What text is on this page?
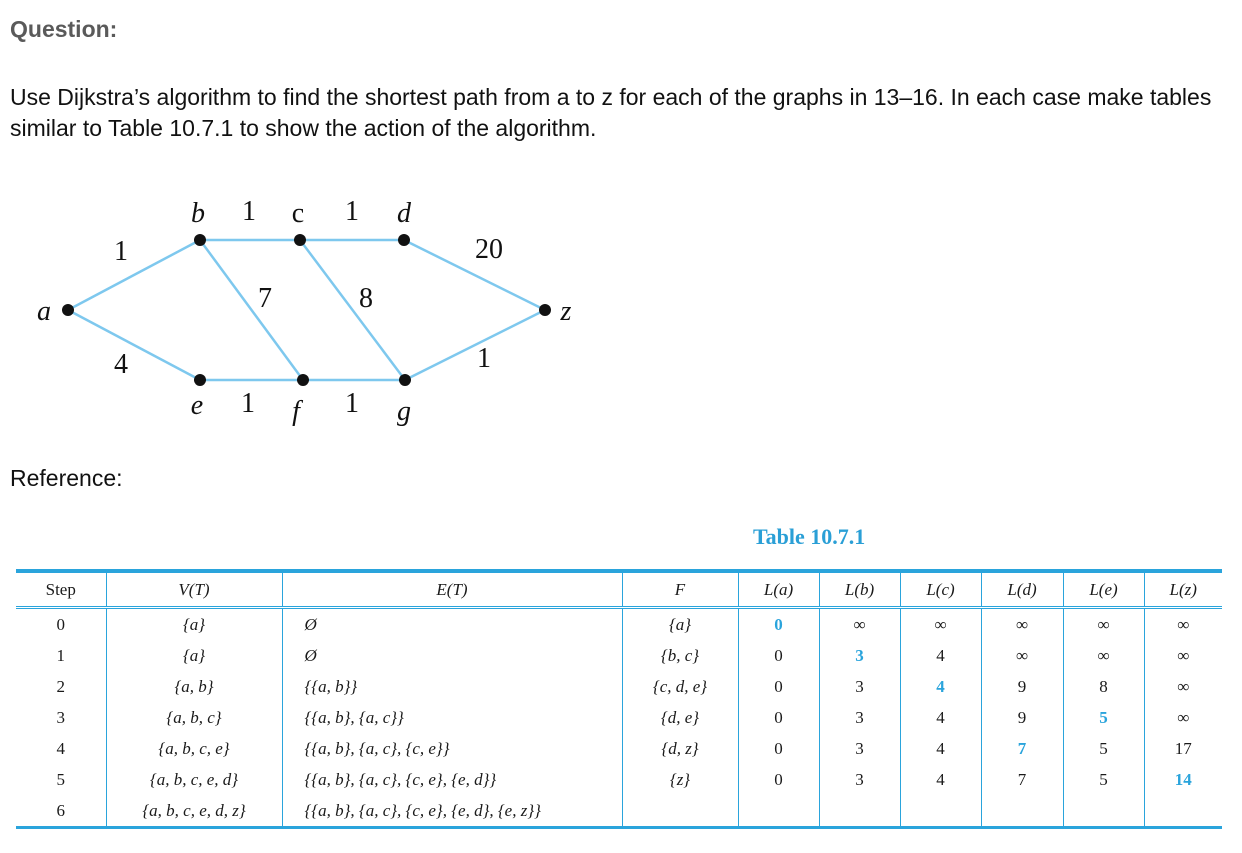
Question:
Use Dijkstra’s algorithm to find the shortest path from a to z for each of the graphs in 13–16. In each case make tables similar to Table 10.7.1 to show the action of the algorithm.
a
b	c	d
e	f	g
z
1
4
1	1
7	8
20
1	1
1
Reference:
Table 10.7.1
Step	V(T)	E(T)	F	L(a)	L(b)	L(c)	L(d)	L(e)	L(z)
0	{a}	Ø	{a}	0	∞	∞	∞	∞	∞
1	{a}	Ø	{b, c}	0	3	4	∞	∞	∞
2	{a, b}	{{a, b}}	{c, d, e}	0	3	4	9	8	∞
3	{a, b, c}	{{a, b}, {a, c}}	{d, e}	0	3	4	9	5	∞
4	{a, b, c, e}	{{a, b}, {a, c}, {c, e}}	{d, z}	0	3	4	7	5	17
5	{a, b, c, e, d}	{{a, b}, {a, c}, {c, e}, {e, d}}	{z}	0	3	4	7	5	14
6	{a, b, c, e, d, z}	{{a, b}, {a, c}, {c, e}, {e, d}, {e, z}}							
